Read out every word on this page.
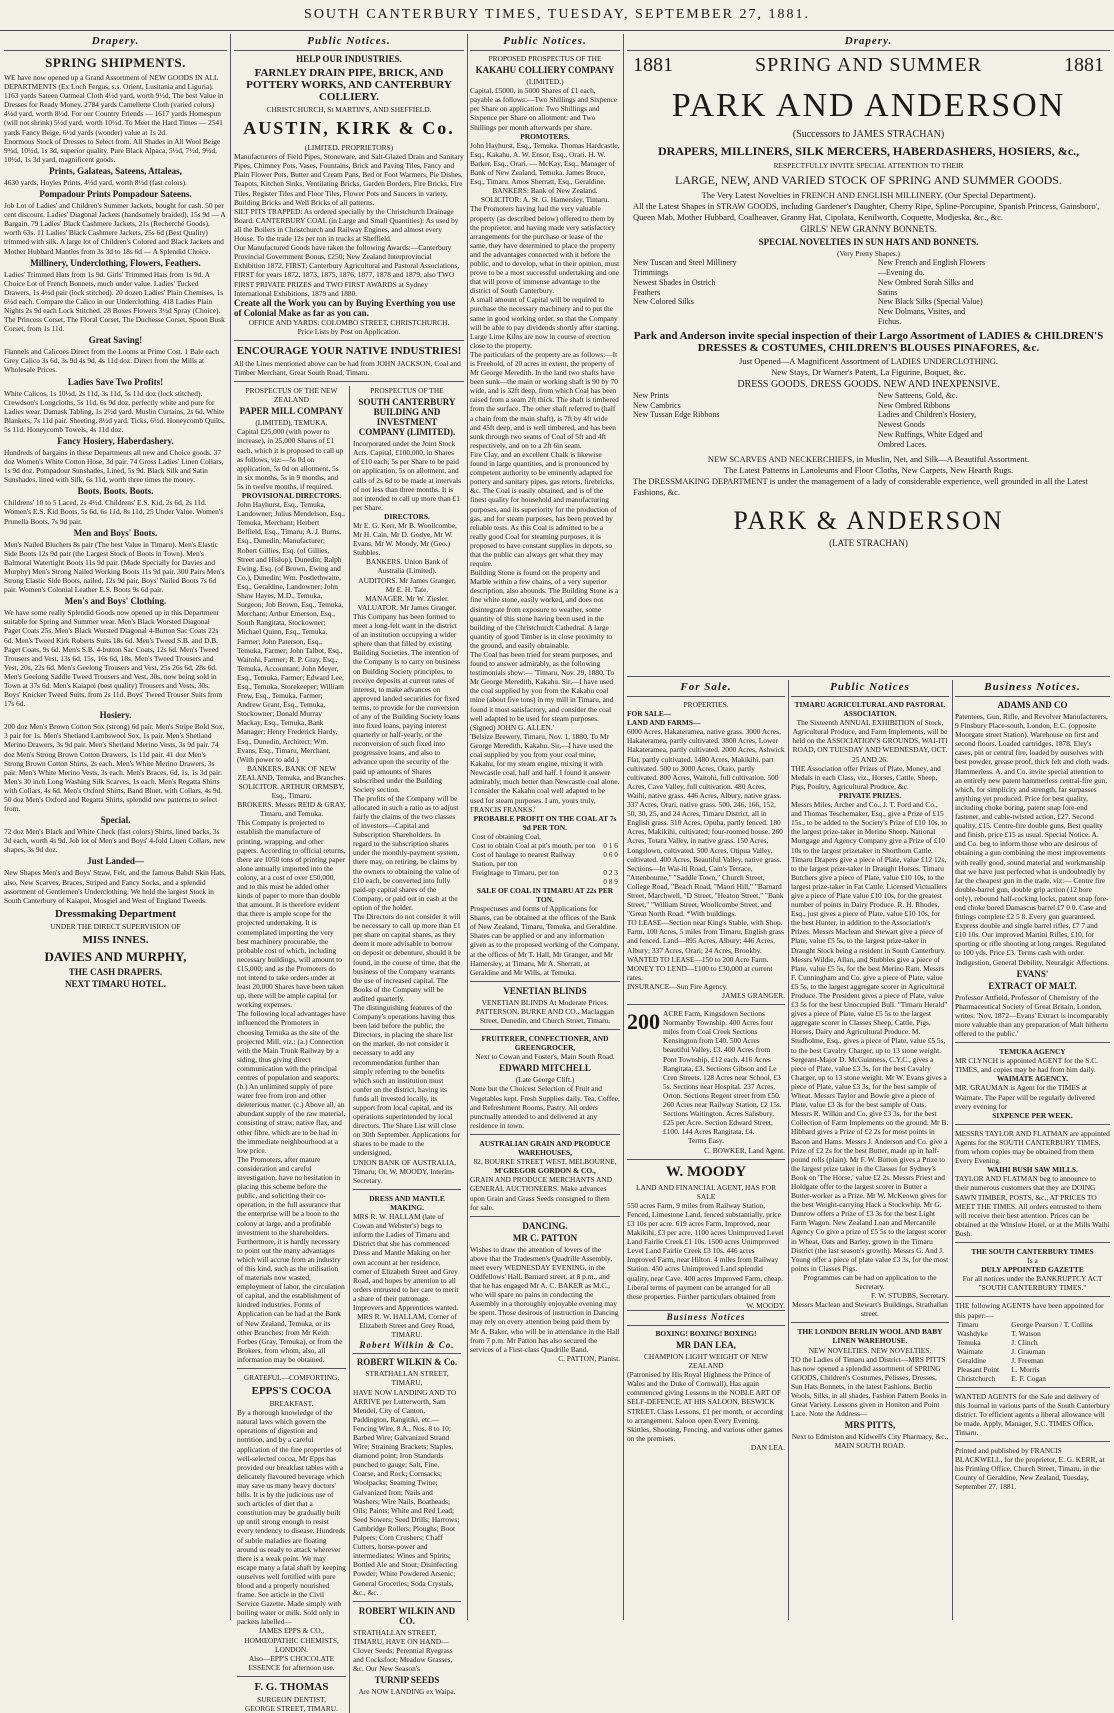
SOUTH CANTERBURY TIMES, TUESDAY, SEPTEMBER 27, 1881.
Drapery.
SPRING SHIPMENTS.

WE have now opened up a Grand Assortment of NEW GOODS IN ALL DEPARTMENTS (Ex Loch Fergus, s.s. Orient, Lusitania and Liguria).

1163 yards Sateen Oatmeal Cloth 4½d yard, worth 9½d. The best Value in Dresses for Ready Money. 2784 yards Camellette Cloth (varied colors) 4½d yard, worth 8½d. For our Country Friends — 1617 yards Homespun (will not shrink) 5½d yard, worth 10½d. To Meet the Hard Times — 2541 yards Fancy Beige, 6½d yards (wonder) value at 1s 2d.

Enormous Stock of Dresses to Select from. All Shades in All Wool Beige 9¾d, 10½d, 1s 3d, superior quality. Pure Black Alpaca, 5½d, 7½d, 9½d, 10½d, 1s 3d yard, magnificent goods.

Prints, Galateas, Sateens, Attaleas,

4630 yards, Hoyles Prints, 4½d yard, worth 8½d (fast colors).

Pompadour Prints Pompadour Sateens.

Job Lot of Ladies' and Children's Summer Jackets, bought for cash. 50 per cent discount. Ladies' Diagonal Jackets (handsomely braided), 15s 9d — A Bargain. 79 Ladies' Black Cashmere Jackets, 21s (Recherché Goods), worth 63s. 11 Ladies' Black Cashmere Jackets, 25s 6d (Best Quality) trimmed with silk. A large lot of Children's Colored and Black Jackets and Mother Hubbard Mantles from 3s 3d to 18s 6d — A Splendid Choice.

Millinery, Underclothing, Flowers, Feathers.

Ladies' Trimmed Hats from 1s 9d. Girls' Trimmed Hats from 1s 9d. A Choice Lot of French Bonnets, much under value. Ladies' Tucked Drawers, 1s 4½d pair (lock stitched). 20 dozen Ladies' Plain Chemises, 1s 6½d each. Compare the Calico in our Underclothing. 418 Ladies Plain Nights 2s 9d each Lock Stitched. 28 Boxes Flowers 3½d Spray (Choice). The Princess Corset, The Floral Corset, The Duchesse Corset, Spoon Busk Corset, from 1s 11d.

Great Saving!

Flannels and Calicoes Direct from the Looms at Prime Cost. 1 Bale each Grey Calico 3s 6d, 3s 9d 4s 9d, 4s 11d doz. Direct from the Mills at Wholesale Prices.

Ladies Save Two Profits!

White Calicos, 1s 10½d, 2s 11d, 3s 11d, 5s 11d doz (lock stitched). Crewdson's Longcloths, 5s 11d, 6s 9d doz, perfectly white and pure for Ladies wear. Damask Tabling, 1s 2½d yard. Muslin Curtains, 2s 6d. White Blankets, 7s 11d pair. Sheeting, 8½d yard. Ticks, 6½d. Honeycomb Quilts, 5s 11d. Honeycomb Towels, 4s 11d doz.

Fancy Hosiery, Haberdashery.

Hundreds of bargains in these Departments all new and Choice goods. 37 doz Women's White Cotton Hose, 3d pair. 74 Gross Ladies' Linen Collars, 1s 9d doz. Pompadour Sunshades, Lined, 5s 9d. Black Silk and Satin Sunshades, lined with Silk, 6s 11d, worth three times the money.

Boots. Boots. Boots.

Childrens' 10 to 5 Laced, 2s 4½d. Childrens' E.S. Kid, 2s 6d, 2s 11d. Women's E.S. Kid Boots, 5s 6d, 6s 11d, 8s 11d, 25 Under Value. Women's Prunella Boots, 7s 9d pair.

Men and Boys' Boots.

Men's Nailed Bluchers 8s pair (The best Value in Timaru). Men's Elastic Side Boots 12s 9d pair (the Largest Stock of Boots in Town). Men's Balmoral Watertight Boots 11s 9d pair. (Made Specially for Davies and Murphy) Men's Strong Nailed Working Boots 11s 9d pair. 300 Pairs Men's Strong Elastic Side Boots, nailed, 12s 9d pair. Boys' Nailed Boots 7s 6d pair. Women's Colonial Leather E.S. Boots 9s 6d pair.

Men's and Boys' Clothing.

We have some really Splendid Goods now opened up in this Department suitable for Spring and Summer wear. Men's Black Worsted Diagonal Paget Coats 25s. Men's Black Worsted Diagonal 4-Button Sac Coats 22s 6d. Men's Tweed Kirk Roberts Suits 18s 6d. Men's Tweed S.B. and D.B. Paget Coats, 9s 6d. Men's S.B. 4-button Sac Coats, 12s 6d. Men's Tweed Trousers and Vest, 13s 6d, 15s, 16s 6d, 18s. Men's Tweed Trousers and Vest, 20s, 22s 6d. Men's Geelong Trousers and Vest, 25s 26s 6d, 28s 6d. Men's Geelong Saddle Tweed Trousers and Vest, 30s, now being sold in Town at 37s 6d. Men's Kaiapoi (best quality) Trousers and Vests, 30s. Boys' Knicker Tweed Suits, from 2s 11d. Boys' Tweed Trouser Suits from 17s 6d.

Hosiery.

200 doz Men's Brown Cotton Sox (strong) 6d pair. Men's Stripe Bold Sox, 3 pair for 1s. Men's Shetland Lambswool Sox, 1s pair. Men's Shetland Merino Drawers, 3s 9d pair. Men's Shetland Merino Vests, 3s 9d pair. 74 doz Men's Strong Brown Cotton Drawers, 1s 11d pair. 41 doz Men's Strong Brown Cotton Shirts, 2s each. Men's White Merino Drawers, 3s pair. Men's White Merino Vests, 3s each. Men's Braces, 6d, 1s, 1s 3d pair. Men's 30 inch Long Washing Silk Scarves, 1s each. Men's Regatta Shirts with Collars, 4s 6d. Men's Oxford Shirts, Band Bluet, with Collars, 4s 9d. 50 doz Men's Oxford and Regatta Shirts, splendid new patterns to select from.

Special.

72 doz Men's Black and White Check (fast colors) Shirts, lined backs, 3s 3d each, worth 4s 9d. Job lot of Men's and Boys' 4-fold Linen Collars, new shapes, 3s 9d doz.

Just Landed—

New Shapes Men's and Boys' Straw, Felt, and the famous Bahdt Skin Hats, also, New Scarves, Braces, Striped and Fancy Socks, and a splendid assortment of Gentlemen's Underclothing. We hold the largest Stock in South Canterbury of Kaiapoi, Mosgiel and West of England Tweeds.

Dressmaking Department

UNDER THE DIRECT SUPERVISION OF

MISS INNES.
DAVIES AND MURPHY,
THE CASH DRAPERS.
NEXT TIMARU HOTEL.
Public Notices.
HELP OUR INDUSTRIES.
FARNLEY DRAIN PIPE, BRICK, AND POTTERY WORKS, AND CANTERBURY COLLIERY.

CHRISTCHURCH, St MARTIN'S, AND SHEFFIELD.

AUSTIN, KIRK & Co.

(LIMITED. PROPRIETORS)

Manufacturers of Field Pipes, Stoneware, and Salt-Glazed Drain and Sanitary Pipes, Chimney Pots, Vases, Fountains, Brick and Paving Tiles, Fancy and Plain Flower Pots, Butter and Cream Pans, Bed or Foot Warmers, Pie Dishes, Teapots, Kitchen Sinks, Ventilating Bricks, Garden Borders, Fire Bricks, Fire Tiles, Register Tiles and Floor Tiles, Flower Pots and Saucers in variety, Building Bricks and Well Bricks of all patterns.

SILT PITS TRAPPED: As ordered specially by the Christchurch Drainage Board. CANTERBURY COAL (in Large and Small Quantities): As used by all the Boilers in Christchurch and Railway Engines, and almost every House. To the trade 12s per ton in trucks at Sheffield.

Our Manufactured Goods have taken the following Awards:—Canterbury Provincial Government Bonus, £250; New Zealand Interprovincial Exhibition 1872, FIRST; Canterbury Agricultural and Pastoral Associations, FIRST for years 1872, 1873, 1875, 1876, 1877, 1878 and 1879, also TWO FIRST PRIVATE PRIZES and TWO FIRST AWARDS at Sydney International Exhibitions, 1879 and 1880.

Create all the Work you can by Buying Everthing you use of Colonial Make as far as you can.

OFFICE AND YARDS: COLOMBO STREET, CHRISTCHURCH.

Price Lists by Post on Application.

ENCOURAGE YOUR NATIVE INDUSTRIES!

All the Lines mentioned above can be had from JOHN JACKSON, Coal and Timber Merchant, Great South Road, Timaru.

PROSPECTUS OF THE NEW ZEALAND

PAPER MILL COMPANY

(LIMITED), TEMUKA.

Capital £25,000 (with power to increase), in 25,000 Shares of £1 each, which it is proposed to call up as follows, viz:—5s 0d on application, 5s 0d on allotment, 5s in six months, 5s in 9 months, and 5s in twelve months, if required.

PROVISIONAL DIRECTORS.

John Hayhurst, Esq., Temuka, Landowner; Julius Mendelson, Esq., Temuka, Merchant; Herbert Belfield, Esq., Timaru; A. J. Burns, Esq., Dunedin, Manufacturer; Robert Gillies, Esq. (of Gillies, Street and Hislop), Dunedin; Ralph Ewing, Esq. (of Brown, Ewing and Co.), Dunedin; Wm. Postlethwaite, Esq., Geraldine, Landowner; John Shaw Hayes, M.D., Temuka, Surgeon; Job Brown, Esq., Temuka, Merchant; Arthur Emerson, Esq., South Rangitata, Stockowner; Michael Quinn, Esq., Temuka, Farmer; John Paterson, Esq., Temuka, Farmer; John Talbot, Esq., Waitohi, Farmer; R. P. Gray, Esq., Temuka, Accountant; John Meyer, Esq., Temuka, Farmer; Edward Lee, Esq., Temuka, Storekeeper; William Frew, Esq., Temuka, Farmer; Andrew Grant, Esq., Temuka, Stockowner; Donald Murray Mackay, Esq., Temuka, Bank Manager; Henry Frederick Hardy, Esq., Dunedin, Architect; Wm. Evans, Esq., Timaru, Merchant. (With power to add.)

BANKERS. BANK OF NEW ZEALAND, Temuka, and Branches.

SOLICITOR. ARTHUR ORMSBY, Esq., Timaru.

BROKERS. Messrs REID & GRAY, Timaru, and Temuka.

This Company is projected to establish the manufacture of printing, wrapping, and other papers. According to official returns, there are 1050 tons of printing paper alone annually imported into the colony, at a cost of over £50,000, and to this must be added other kinds of paper to more than double that amount. It is therefore evident that there is ample scope for the projected undertaking. It is contemplated importing the very best machinery procurable, the probable cost of which, including necessary buildings, will amount to £15,000; and as the Promoters do not intend to take orders under at least 20,000 Shares have been taken up, there will be ample capital for working expenses.

The following local advantages have influenced the Promoters in choosing Temuka as the site of the projected Mill, viz.: (a.) Connection with the Main Trunk Railway by a siding, thus giving direct communication with the principal centres of population and seaports. (b.) An unlimited supply of pure water free from iron and other deleterious matter. (c.) Above all, an abundant supply of the raw material, consisting of straw, native flax, and other fibre, which are to be had in the immediate neighbourhood at a low price.

The Promoters, after mature consideration and careful investigation, have no hesitation in placing this scheme before the public, and soliciting their co-operation, in the full assurance that the enterprise will be a boon to the colony at large, and a profitable investment to the shareholders. Furthermore, it is hardly necessary to point out the many advantages which will accrue from an industry of this kind, such as the utilisation of materials now wasted, employment of labor, the circulation of capital, and the establishment of kindred industries. Forms of Application can be had at the Bank of New Zealand, Temuka, or its other Branches; from Mr Keith Forbes (Gray, Temuka), or from the Brokers, from whom, also, all information may be obtained.

GRATEFUL—COMFORTING.

EPPS'S COCOA

BREAKFAST.

By a thorough knowledge of the natural laws which govern the operations of digestion and nutrition, and by a careful application of the fine properties of well-selected cocoa, Mr Epps has provided our breakfast tables with a delicately flavoured beverage which may save us many heavy doctors' bills. It is by the judicious use of such articles of diet that a constitution may be gradually built up until strong enough to resist every tendency to disease. Hundreds of subtle maladies are floating around us ready to attack wherever there is a weak point. We may escape many a fatal shaft by keeping ourselves well fortified with pure blood and a properly nourished frame. See article in the Civil Service Gazette. Made simply with boiling water or milk. Sold only in packets labelled—

JAMES EPPS & CO., HOMŒOPATHIC CHEMISTS, LONDON.

Also—EPP'S CHOCOLATE ESSENCE for afternoon use.

F. G. THOMAS

SURGEON DENTIST,

GEORGE STREET, TIMARU.

PROSPECTUS OF THE

SOUTH CANTERBURY BUILDING AND INVESTMENT COMPANY (LIMITED).

Incorporated under the Joint Stock Acts. Capital, £100,000, in Shares of £10 each; 5s per Share to be paid on application, 5s on allotment, and calls of 2s 6d to be made at intervals of not less than three months. It is not intended to call up more than £1 per Share.

DIRECTORS.

Mr E. G. Kerr, Mr B. Woollcombe, Mr H. Cain, Mr D. Godye, Mr W. Evans, Mr W. Moody, Mr (Geo.) Stubbles.

BANKERS. Union Bank of Australia (Limited).

AUDITORS. Mr James Granger, Mr E. H. Tate.

MANAGER. Mr W. Ziesler.

VALUATOR. Mr James Granger.

This Company has been formed to meet a long-felt want in the district of an institution occupying a wider sphere than that filled by existing Building Societies. The intention of the Company is to carry on business on Building Society principles, to receive deposits at current rates of interest, to make advances on approved landed securities for fixed terms, to provide for the conversion of any of the Building Society loans into fixed loans, paying interest quarterly or half-yearly, or the reconversion of such fixed into progressive loans, and also to advance upon the security of the paid up amounts of Shares subscribed under the Building Society section.

The profits of the Company will be allocated in such a ratio as to adjust fairly the claims of the two classes of investors—Capital and Subscription Shareholders. In regard to the subscription shares under the monthly-payment system, there may, on retiring, be claims by the owners to obtaining the value of £10 each, be converted into fully paid-up capital shares of the Company, or paid out in cash at the option of the holder.

The Directors do not consider it will be necessary to call up more than £1 per share on capital shares, as they deem it more advisable to borrow on deposit or debenture, should it be found, in the course of time, that the business of the Company warrants the use of increased capital. The Books of the Company will be audited quarterly.

The distinguishing features of the Company's operations having thus been laid before the public, the Directors, in placing the share list on the market, do not consider it necessary to add any recommendation further than simply referring to the benefits which such an institution must confer on the district, having its funds all invested locally, its support from local capital, and its operations superintended by local directors. The Share List will close on 30th September. Applications for shares to be made to the undersigned,

UNION BANK OF AUSTRALIA, Timaru; Or, W. MOODY, Interim-Secretary.

DRESS AND MANTLE MAKING.

MRS R. W. HALLAM (late of Cowan and Webster's) begs to inform the Ladies of Timaru and District that she has commenced Dress and Mantle Making on her own account at her residence, corner of Elizabeth Street and Grey Road, and hopes by attention to all orders entrusted to her care to merit a share of their patronage. Improvers and Apprentices wanted.

MRS R. W. HALLAM, Corner of Elizabeth Street and Grey Road, TIMARU.

Robert Wilkin & Co.
ROBERT WILKIN & Co.

STRATHALLAN STREET, TIMARU,

HAVE NOW LANDING AND TO ARRIVE per Lutterworth, Sam Mendel, City of Canton, Paddington, Rangitiki, etc.— Fencing Wire, 8 A., Nos. 8 to 10; Barbed Wire; Galvanized Strand Wire; Straining Brackets; Staples, diamond point; Iron Standards punched to gauge; Salt, Fine, Coarse, and Rock; Cornsacks; Woolpacks; Seaming Twine; Galvanized Iron; Nails and Washers; Wire Nails, Boatheads; Oils; Paints; White and Red Lead; Seed Sowers; Seed Drills; Harrows; Cambridge Rollers; Ploughs; Boot Pulpers; Corn Crushers; Chaff Cutters, horse-power and intermediates; Wines and Spirits; Bottled Ale and Stout; Disinfecting Powder; White Powdered Arsenic; General Groceries; Soda Crystals, &c., &c.

ROBERT WILKIN AND CO.

STRATHALLAN STREET, TIMARU, HAVE ON HAND— Clover Seeds; Perennial Ryegrass and Cocksfoot; Meadow Grasses, &c. Our New Season's

TURNIP SEEDS

Are NOW LANDING ex Waipa.

Public Notices.

PROPOSED PROSPECTUS OF THE

KAKAHU COLLIERY COMPANY

(LIMITED.)

Capital, £5000, in 5000 Shares of £1 each, payable as follows:—Two Shillings and Sixpence per Share on application: Two Shillings and Sixpence per Share on allotment: and Two Shillings per month afterwards per share.

PROMOTERS.

John Hayhurst, Esq., Temuka. Thomas Hardcastle, Esq., Kakahu. A. W. Ensor, Esq., Orari. H. W. Barker, Esq., Orari. — McKay, Esq., Manager of Bank of New Zealand, Temuka. James Bruce, Esq., Timaru. Amos Sherratt, Esq., Geraldine.

BANKERS: Bank of New Zealand.

SOLICITOR: A. St. G. Hamersley, Timaru.

The Promoters having had the very valuable property (as described below) offered to them by the proprietor, and having made very satisfactory arrangements for the purchase or lease of the same, they have determined to place the property and the advantages connected with it before the public, and to develop, what in their opinion, must prove to be a most successful undertaking and one that will prove of immense advantage to the district of South Canterbury.

A small amount of Capital will be required to purchase the necessary machinery and to put the same in good working order, so that the Company will be able to pay dividends shortly after starting. Large Lime Kilns are now in course of erection close to the property.

The particulars of the property are as follows:—It is Freehold, of 20 acres in extent, the property of Mr George Meredith. In the land two shafts have been sunk—the main or working shaft is 90 by 70 wide, and is 32ft deep, from which Coal has been raised from a seam 2ft thick. The shaft is timbered from the surface. The other shaft referred to (half a chain from the main shaft), is 7ft by 4ft wide and 45ft deep, and is well timbered, and has been sunk through two seams of Coal of 5ft and 4ft respectively, and on to a 2ft 6in seam.

Fire Clay, and an excellent Chalk is likewise found in large quantities, and is pronounced by competent authority to be eminently adapted for pottery and sanitary pipes, gas retorts, firebricks, &c. The Coal is easily obtained, and is of the finest quality for household and manufacturing purposes, and its superiority for the production of gas, and for steam purposes, has been proved by reliable tests. As this Coal is admitted to be a really good Coal for steaming purposes, it is proposed to have constant supplies in depots, so that the public can always get what they may require.

Building Stone is found on the property and Marble within a few chains, of a very superior description, also abounds. The Building Stone is a fine white stone, easily worked, and does not disintegrate from exposure to weather, some quantity of this stone having been used in the building of the Christchurch Cathedral. A large quantity of good Timber is in close proximity to the ground, and easily obtainable.

The Coal has been tried for steam purposes, and found to answer admirably, as the following testimonials show:— 'Timaru, Nov. 29, 1880. To Mr George Meredith, Kakahu. Sir,—I have used the coal supplied by you from the Kakahu coal mine (about five tons) in my mill in Timaru, and found it most satisfactory, and consider the coal well adapted to be used for steam purposes. (Signed) JOHN G. ALLEN.'

'Belsize Brewery, Timaru, Nov. 1, 1880. To Mr George Meredith, Kakahu. Sir,—I have used the coal supplied by you from your coal mine, Kakahu, for my steam engine, mixing it with Newcastle coal, half and half. I found it answer admirably, much better than Newcastle coal alone. I consider the Kakahu coal well adapted to be used for steam purposes. I am, yours truly, FRANCIS FRANKS.'

PROBABLE PROFIT ON THE COAL AT 7s 9d PER TON.

Cost of obtaining Coal,	
Cost to obtain Coal at pit's mouth, per ton	0 1 6
Cost of haulage to nearest Railway Station, per ton	0 6 0
Freightage to Timaru, per ton	0 2 3
	0 8 9

SALE OF COAL IN TIMARU AT 22s PER TON.

Prospectuses and forms of Applications for Shares, can be obtained at the offices of the Bank of New Zealand, Timaru, Temuka, and Geraldine. Shares can be applied or and any information given as to the proposed working of the Company, at the offices of Mr T. Hall, Mr Granger, and Mr Hamersley, at Timaru, Mr A. Sherratt, at Geraldine and Mr Wills, at Temuka.

VENETIAN BLINDS

VENETIAN BLINDS At Moderate Prices.

PATTERSON, BURKE AND CO., Maclaggan Street, Dunedin, and Church Street, Timaru.

FRUITERER, CONFECTIONER, AND GREENGROCER,

Next to Cowan and Foster's, Main South Road.

EDWARD MITCHELL

(Late George Clift.)

None but the Choicest Selection of Fruit and Vegetables kept. Fresh Supplies daily. Tea, Coffee, and Refreshment Rooms, Pastry. All orders punctually attended to and delivered at any residence in town.

AUSTRALIAN GRAIN AND PRODUCE WAREHOUSES,

82, BOURKE STREET WEST, MELBOURNE,

M'GREGOR GORDON & CO.,

GRAIN AND PRODUCE MERCHANTS AND GENERAL AUCTIONEERS. Make advances upon Grain and Grass Seeds consigned to them for sale.

DANCING.
MR C. PATTON

Wishes to draw the attention of lovers of the above that the Tradesmen's Quadrille Assembly, meet every WEDNESDAY EVENING, in the Oddfellows' Hall, Barnard street, at 8 p.m., and that he has engaged Mr A. C. BAKER as M.C., who will spare no pains in conducting the Assembly in a thoroughly enjoyable evening may be spent. Those desirous of instruction in Dancing may rely on every attention being paid them by Mr A. Baker, who will be in attendance in the Hall from 7 p.m. Mr Patton has also secured the services of a First-class Quadrille Band.

C. PATTON, Pianist.

Drapery.
1881	SPRING AND SUMMER	1881
PARK AND ANDERSON

(Successors to JAMES STRACHAN)

DRAPERS, MILLINERS, SILK MERCERS, HABERDASHERS, HOSIERS, &c.,

RESPECTFULLY INVITE SPECIAL ATTENTION TO THEIR

LARGE, NEW, AND VARIED STOCK OF SPRING AND SUMMER GOODS.

The Very Latest Novelties in FRENCH AND ENGLISH MILLINERY. (Our Special Department).

All the Latest Shapes in STRAW GOODS, including Gardener's Daughter, Cherry Ripe, Spline-Porcupine, Spanish Princess, Gainsboro', Queen Mab, Mother Hubbard, Coalheaver, Granny Hat, Cipolata, Kenilworth, Coquette, Modjeska, &c., &c.

GIRLS' NEW GRANNY BONNETS.

SPECIAL NOVELTIES IN SUN HATS AND BONNETS.

(Very Pretty Shapes.)

New Tuscan and Steel Millinery Trimmings
Newest Shades in Ostrich Feathers
New Colored Silks
New French and English Flowers—Evening do.
New Ombred Surah Silks and Satins
New Black Silks (Special Value)
New Dolmans, Visites, and Fichus.
Park and Anderson invite special inspection of their Largo Assortment of LADIES & CHILDREN'S DRESSES & COSTUMES, CHILDREN'S BLOUSES PINAFORES, &c.

Just Opened—A Magnificent Assortment of LADIES UNDERCLOTHING.

New Stays, Dr Warner's Patent, La Figurine, Boquet, &c.

DRESS GOODS. DRESS GOODS. NEW AND INEXPENSIVE.

New Prints
New Cambrics
New Tussan Edge Ribbons
New Satteens, Gold, &c.
New Ombred Ribbons
Ladies and Children's Hosiery, Newest Goods
New Ruffings, White Edged and Ombred Laces.

NEW SCARVES AND NECKERCHIEFS, in Muslin, Net, and Silk—A Beautiful Assortment.

The Latest Patterns in Lanoleums and Floor Cloths, New Carpets, New Hearth Rugs.

The DRESSMAKING DEPARTMENT is under the management of a lady of considerable experience, well grounded in all the Latest Fashions, &c.

PARK & ANDERSON

(LATE STRACHAN)

For Sale.

PROPERTIES.

FOR SALE—

LAND AND FARMS—

6000 Acres, Hakateramea, native grass. 3000 Acres, Hakateramea, partly cultivated. 3800 Acres, Lower Hakateramea, partly cultivated. 2000 Acres, Ashwick Flat, partly cultivated. 1480 Acres, Makikihi, part cultivated. 500 to 3000 Acres, Otaio, partly cultivated. 800 Acres, Waitohi, full cultivation. 500 Acres, Cave Valley, full cultivation. 480 Acres, Waihi, native grass. 446 Acres, Albury, native grass. 337 Acres, Orari, native grass. 500, 246, 166, 152, 50, 30, 25, and 24 Acres, Timaru District, all in English grass. 310 Acres, Opuha, partly fenced. 180 Acres, Makikihi, cultivated; four-roomed house. 260 Acres, Totara Valley, in native grass. 150 Acres, Longslown, cultivated. 500 Acres, Otipua Valley, cultivated. 400 Acres, Beautiful Valley, native grass.

Sections—In Wai-iti Road, Cain's Terrace, "Attenbourne," "Saddle Town," Church Street, College Road, "Beach Road, "Maori Hill," "Barnard Street, Marchwell, "D Street, "Heaton Street," "Bank Street," "William Street, Woollcombe Street, and "Great North Road. *With buildings.

TO LEASE—Section near King's Stable, with Shop. Farm, 100 Acres, 5 miles from Timaru, English grass and fenced. Land—895 Acres, Albury; 446 Acres, Albury; 337 Acres, Orari; 24 Acres, Brookby.

WANTED TO LEASE—150 to 200 Acre Farm.

MONEY TO LEND—£100 to £30,000 at current rates.

INSURANCE—Sun Fire Agency.

JAMES GRANGER.

200 ACRE Farm, Kingsdown Sections Normanby Township. 400 Acres four miles from Coal Creek Sections Kensington from £40. 500 Acres beautiful Valley, £3. 400 Acres from Pont Township, £12 each. 416 Acres Rangitata, £3. Sections Gibson and Le Cren Streets. 128 Acres near School, £3 5s. Sections near Hospital. 237 Acres, Orton. Sections Regent street from £50. 260 Acres near Railway Station, £2 15s. Sections Waitington. Acres Salisbury, £25 per Acre. Section Edward Street, £100. 144 Acres Rangitata, £4.

Terms Easy.

C. BOWKER, Land Agent.

W. MOODY

LAND AND FINANCIAL AGENT, HAS FOR SALE

550 acres Farm, 9 miles from Railway Station, Fenced, Limestone Land, fenced substantially, price £3 10s per acre. 619 acres Farm, Improved, near Makikihi, £3 per acre. 1100 acres Unimproved Level Land Fairlie Creek £1 10s. 1500 acres Unimproved Level Land Fairlie Creek £3 10s. 446 acres Improved Farm, near Hilton. 4 miles from Railway Station. 450 acres Unimproved Land splendid quality, near Cave. 400 acres Improved Farm, cheap.

Liberal terms of payment can be arranged for all these properties. Further particulars obtained from

W. MOODY.

Business Notices

BOXING! BOXING! BOXING!

MR DAN LEA,

CHAMPION LIGHT WEIGHT OF NEW ZEALAND

(Patronised by His Royal Highness the Prince of Wales and the Duke of Cornwall), Has again commenced giving Lessons in the NOBLE ART OF SELF-DEFENCE, AT HIS SALOON, BESWICK STREET. Class Lessons, £1 per month, or according to arrangement. Saloon open Every Evening. Skittles, Shooting, Fencing, and various other games on the premises.

DAN LEA.

Public Notices

TIMARU AGRICULTURAL AND PASTORAL ASSOCIATION.

The Sixteenth ANNUAL EXHIBITION of Stock, Agricultural Produce, and Farm Implements, will be held on the ASSOCIATION'S GROUNDS, WAI-ITI ROAD, ON TUESDAY AND WEDNESDAY, OCT. 25 AND 26.

THE Association offer Prizes of Plate, Money, and Medals in each Class, viz., Horses, Cattle, Sheep, Pigs, Poultry, Agricultural Produce, &c.

PRIVATE PRIZES.

Messrs Miles, Archer and Co., J. T. Ford and Co., and Thomas Teschemaker, Esq., give a Prize of £15 15s., to be added to the Society's Prize of £10 10s, to the largest prize-taker in Merino Sheep. National Mortgage and Agency Company give a Prize of £10 10s to the largest prizetaker in Shorthorn Cattle. Timaru Drapers give a piece of Plate, value £12 12s, to the largest prize-taker in Draught Horses. Timaru Butchers give a piece of Plate, value £10 10s, to the largest prize-taker in Fat Cattle. Licensed Victuallers give a piece of Plate value £10 10s, for the greatest number of points in Dairy Produce. R. H. Rhodes, Esq., just gives a piece of Plate, value £10 10s, for the best Hunter, in addition to the Association's Prizes. Messrs Maclean and Stewart give a piece of Plate, value £5 5s, to the largest prize-taker in Draught Stock being a resident in South Canterbury. Messrs Wildie, Allan, and Stubbles give a piece of Plate, value £5 5s, for the best Merino Ram. Messrs F. Cunningham and Co. give a piece of Plate, value £5 5s, to the largest aggregate scorer in Agricultural Produce. The President gives a piece of Plate, value £3 5s for the best Unoccupied Bull. "Timaru Herald" gives a piece of Plate, value £5 5s to the largest aggregate scorer in Classes Sheep, Cattle, Pigs, Horses, Dairy and Agricultural Produce. M. Studholme, Esq., gives a piece of Plate, value £5 5s, to the best Cavalry Charger, up to 13 stone weight. Sergeant-Major D. McGuinness, C.Y.C., gives a piece of Plate, value £3 3s, for the best Cavalry Charger, up to 13 stone weight. Mr W. Evans gives a piece of Plate, value £3 3s, for the best sample of Wheat. Messrs Taylor and Bowie give a piece of Plate, value £3 3s for the best sample of Oats.

Messrs R. Wilkin and Co. give £3 3s, for the best Collection of Farm Implements on the ground. Mr B. Hibbard gives a Prize of £2 2s for most points in Bacon and Hams. Messrs J. Anderson and Co. give a Prize of £2 2s for the best Butter, made up in half-pound rolls (plain). Mr F. W. Button gives a Prize to the largest prize taker in the Classes for Sydney's Book on 'The Horse,' value £2 2s. Messrs Priest and Holdgate offer to the largest scorer in Butter a Butter-worker as a Prize. Mr W. McKeown gives for the best Weight-carrying Hack a Stockwhip. Mr G. Dunrow offers a Prize of £3 3s for the best Light Farm Wagon. New Zealand Loan and Mercantile Agency Co give a prize of £5 5s to the largest scorer in Wheat, Oats and Barley, grown in the Timaru District (the last season's growth). Messrs G. And J. Young offer a piece of plate value £3 3s, for the most points in Classes Pigs.

Programmes can be had on application to the Secretary.

F. W. STUBBS, Secretary.

Messrs Maclean and Stewart's Buildings, Strathallan street.

THE LONDON BERLIN WOOL AND BABY LINEN WAREHOUSE.

NEW NOVELTIES. NEW NOVELTIES.

TO the Ladies of Timaru and District—MRS PITTS has now opened a splendid assortment of SPRING GOODS, Children's Costumes, Pelisses, Dresses, Sun Hats Bonnets, in the latest Fashions. Berlin Wools, Silks, in all shades, Fashion Pattern Books in Great Variety. Lessons given in Honiton and Point Lace. Note the Address—

MRS PITTS,

Next to Edmiston and Kidwell's City Pharmacy, &c., MAIN SOUTH ROAD.

Business Notices.
ADAMS AND CO

Patentees, Gun, Rifle, and Revolver Manufacturers, 9 Finsbury Place-south, London, E.C. (opposite Moorgate street Station). Warehouse on first and second floors. Loaded cartridges, 1878. Eley's cases, pin or central fire, loaded by ourselves with best powder, grease proof, thick felt and cloth wads. Hammerless. A. and Co. invite special attention to an entirely new patent hammerless central-fire gun, which, for simplicity and strength, far surpasses anything yet produced. Price for best quality, including choke boring, patent snap fore-end fastener, and cable-twisted action, £27. Second quality, £15. Centre-fire double guns, Best quality and finish, price £15 as usual. Special Notice. A. and Co. beg to inform those who are desirous of obtaining a gun combining the most improvements with really good, sound material and workmanship that we have just perfected what is undoubtedly by far the cheapest gun in the trade, viz:— Centre fire double-barrel gun, double grip action (12 bore only), rebound half-cocking locks, patent snap fore-end choke bored Damascus barrel £7 0 0. Case and fittings complete £2 5 8. Every gun guaranteed. Express double and single barrel rifles, £7 7 and £10 10s. Our improved Martini Rifles, £10, for sporting or rifle shooting at long ranges. Regulated to 100 yds. Price £3. Terms cash with order.

Indigestion, General Debility, Neuralgic Affections.

EVANS'
EXTRACT OF MALT.

Professor Attfield, Professor of Chemistry of the Pharmaceutical Society of Great Britain, London, writes: 'Nov. 1872—Evans' Extract is incomparably more valuable than any preparation of Malt hitherto offered to the public.'

TEMUKA AGENCY

MR CLYNCH is appointed AGENT for the S.C. TIMES, and copies may be had from him daily.

WAIMATE AGENCY.

MR. GRAUMAN is Agent for the TIMES at Waimate. The Paper will be regularly delivered every evening for

SIXPENCE PER WEEK.

MESSRS TAYLOR AND FLATMAN are appointed Agents for the SOUTH CANTERBURY TIMES, from whom copies may be obtained from them Every Evening.

WAIHI BUSH SAW MILLS.

TAYLOR AND FLATMAN beg to announce to their numerous customers that they are DOING SAWN TIMBER, POSTS, &c., AT PRICES TO MEET THE TIMES. All orders entrusted to them will receive their best attention. Prices can be obtained at the Winslow Hotel, or at the Mills Waihi Bush.

THE SOUTH CANTERBURY TIMES

Is a

DULY APPOINTED GAZETTE

For all notices under the BANKRUPTCY ACT

"SOUTH CANTERBURY TIMES."

THE following AGENTS have been appointed for this paper:—

Timaru	George Pearson / T. Collins
Washdyke	T. Watson
Temuka	J. Clinch
Waimate	J. Grauman
Geraldine	J. Freeman
Pleasant Point	L. Morris
Christchurch	E. F. Cogan

WANTED AGENTS for the Sale and delivery of this Journal in various parts of the South Canterbury district. To efficient agents a liberal allowance will be made. Apply, Manager, S.C. TIMES Office, Timaru.

Printed and published by FRANCIS BLACKWELL, for the proprietor, E. G. KERR, at his Printing Office, Church Street, Timaru, in the County of Geraldine, New Zealand, Tuesday, September 27, 1881.
